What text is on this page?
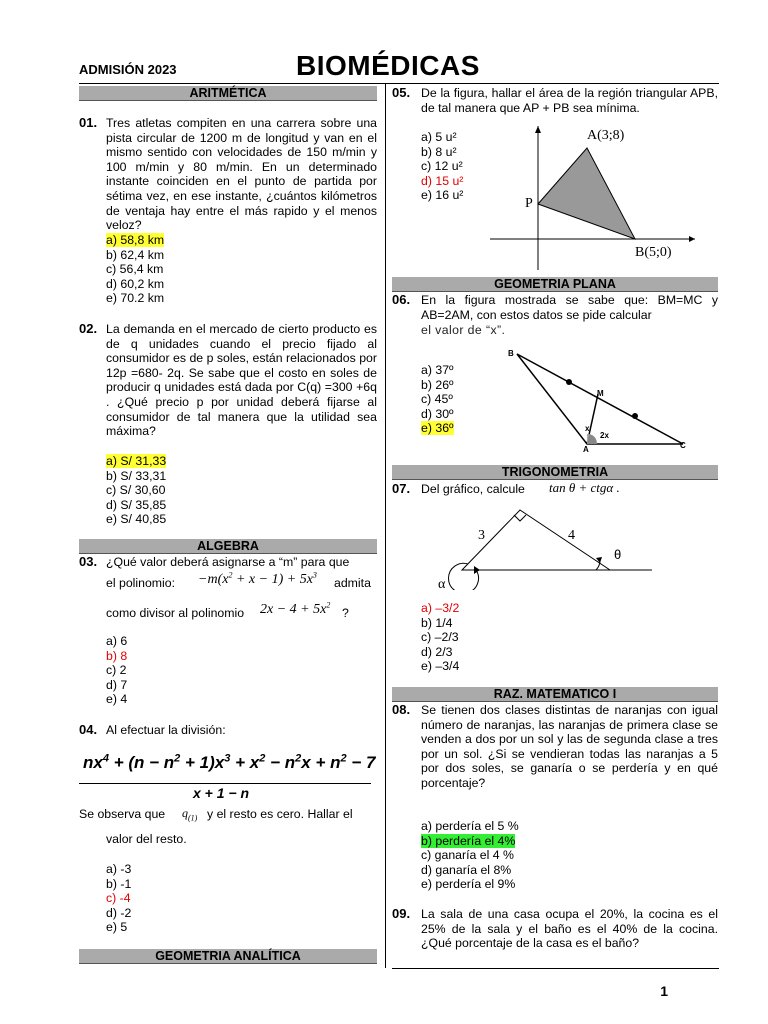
ADMISIÓN 2023	BIOMÉDICAS
ARITMÉTICA
01. Tres atletas compiten en una carrera sobre una pista circular de 1200 m de longitud y van en el mismo sentido con velocidades de 150 m/min y 100 m/min y 80 m/min. En un determinado instante coinciden en el punto de partida por sétima vez, en ese instante, ¿cuántos kilómetros de ventaja hay entre el más rapido y el menos veloz?
a) 58,8 km
b) 62,4 km
c) 56,4 km
d) 60,2 km
e) 70.2 km
02. La demanda en el mercado de cierto producto es de q unidades cuando el precio fijado al consumidor es de p soles, están relacionados por 12p =680- 2q. Se sabe que el costo en soles de producir q unidades está dada por C(q) =300 +6q . ¿Qué precio p por unidad deberá fijarse al consumidor de tal manera que la utilidad sea máxima?
a) S/ 31,33
b) S/ 33,31
c) S/ 30,60
d) S/ 35,85
e) S/ 40,85
ALGEBRA
03. ¿Qué valor deberá asignarse a “m” para que
el polinomio: $-m(x^2 + x - 1) + 5x^3$
admita
como divisor al polinomio $2x - 4 + 5x^2$
?
a) 6
b) 8
c) 2
d) 7
e) 4
04. Al efectuar la división:
$nx^4 + (n - n^2 + 1)x^3 + x^2 - n^2x + n^2 - 7$
x + 1 − n
Se observa que $q_{(1)}$ y el resto es cero. Hallar el
valor del resto.
a) -3
b) -1
c) -4
d) -2
e) 5
GEOMETRIA ANALÍTICA
05. De la figura, hallar el área de la región triangular APB, de tal manera que AP + PB sea mínima.
a) 5 u²
b) 8 u²
c) 12 u²
d) 15 u²
e) 16 u²
A(3;8)
P
B(5;0)
GEOMETRIA PLANA
06. En la figura mostrada se sabe que: BM=MC y AB=2AM, con estos datos se pide calcular
el valor de “x”.
a) 37º
b) 26º
c) 45º
d) 30º
e) 36º
B
M
A	C
x
2x
TRIGONOMETRIA
07. Del gráfico, calcule tan θ + ctgα .
3	4
θ
α
a) –3/2
b) 1/4
c) –2/3
d) 2/3
e) –3/4
RAZ. MATEMATICO I
08. Se tienen dos clases distintas de naranjas con igual número de naranjas, las naranjas de primera clase se venden a dos por un sol y las de segunda clase a tres por un sol. ¿Si se vendieran todas las naranjas a 5 por dos soles, se ganaría o se perdería y en qué porcentaje?
a) perdería el 5 %
b) perdería el 4%
c) ganaría el 4 %
d) ganaría el 8%
e) perdería el 9%
09. La sala de una casa ocupa el 20%, la cocina es el 25% de la sala y el baño es el 40% de la cocina. ¿Qué porcentaje de la casa es el baño?
1
